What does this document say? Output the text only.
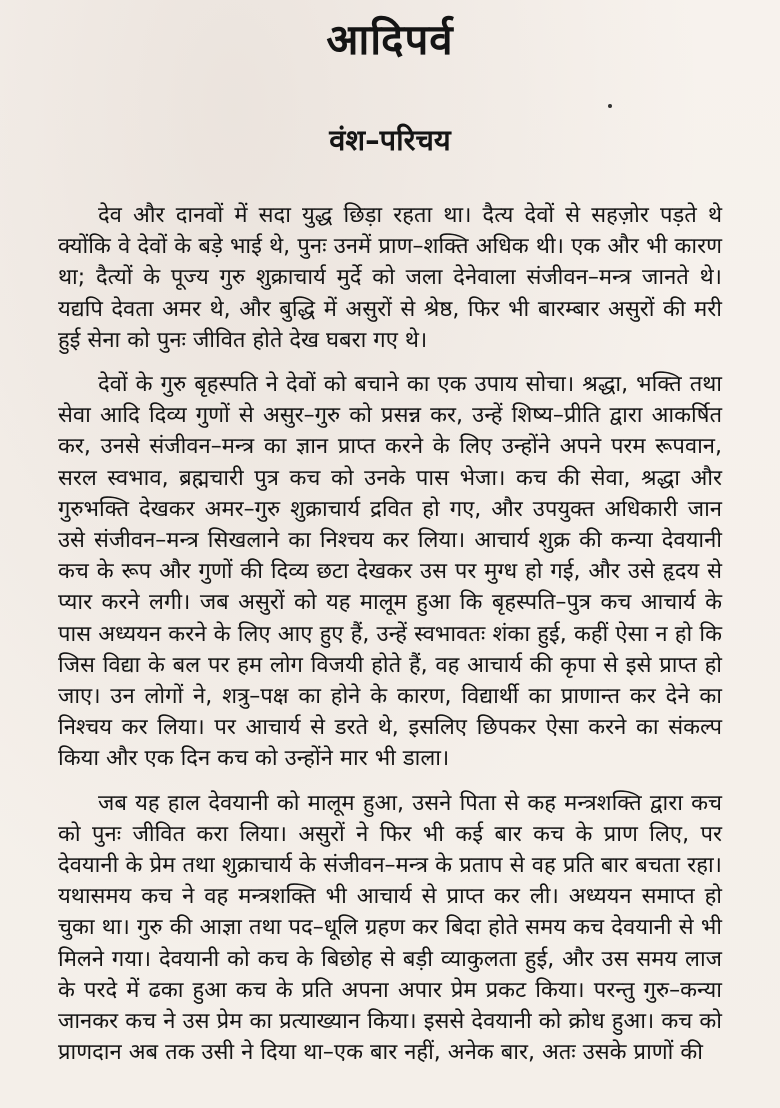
आदिपर्व
वंश–परिचय

देव और दानवों में सदा युद्ध छिड़ा रहता था। दैत्य देवों से सहज़ोर पड़ते थे क्योंकि वे देवों के बड़े भाई थे, पुनः उनमें प्राण–शक्ति अधिक थी। एक और भी कारण था; दैत्यों के पूज्य गुरु शुक्राचार्य मुर्दे को जला देनेवाला संजीवन–मन्त्र जानते थे। यद्यपि देवता अमर थे, और बुद्धि में असुरों से श्रेष्ठ, फिर भी बारम्बार असुरों की मरी हुई सेना को पुनः जीवित होते देख घबरा गए थे।

देवों के गुरु बृहस्पति ने देवों को बचाने का एक उपाय सोचा। श्रद्धा, भक्ति तथा सेवा आदि दिव्य गुणों से असुर–गुरु को प्रसन्न कर, उन्हें शिष्य–प्रीति द्वारा आकर्षित कर, उनसे संजीवन–मन्त्र का ज्ञान प्राप्त करने के लिए उन्होंने अपने परम रूपवान, सरल स्वभाव, ब्रह्मचारी पुत्र कच को उनके पास भेजा। कच की सेवा, श्रद्धा और गुरुभक्ति देखकर अमर–गुरु शुक्राचार्य द्रवित हो गए, और उपयुक्त अधिकारी जान उसे संजीवन–मन्त्र सिखलाने का निश्चय कर लिया। आचार्य शुक्र की कन्या देवयानी कच के रूप और गुणों की दिव्य छटा देखकर उस पर मुग्ध हो गई, और उसे हृदय से प्यार करने लगी। जब असुरों को यह मालूम हुआ कि बृहस्पति–पुत्र कच आचार्य के पास अध्ययन करने के लिए आए हुए हैं, उन्हें स्वभावतः शंका हुई, कहीं ऐसा न हो कि जिस विद्या के बल पर हम लोग विजयी होते हैं, वह आचार्य की कृपा से इसे प्राप्त हो जाए। उन लोगों ने, शत्रु–पक्ष का होने के कारण, विद्यार्थी का प्राणान्त कर देने का निश्चय कर लिया। पर आचार्य से डरते थे, इसलिए छिपकर ऐसा करने का संकल्प किया और एक दिन कच को उन्होंने मार भी डाला।

जब यह हाल देवयानी को मालूम हुआ, उसने पिता से कह मन्त्रशक्ति द्वारा कच को पुनः जीवित करा लिया। असुरों ने फिर भी कई बार कच के प्राण लिए, पर देवयानी के प्रेम तथा शुक्राचार्य के संजीवन–मन्त्र के प्रताप से वह प्रति बार बचता रहा। यथासमय कच ने वह मन्त्रशक्ति भी आचार्य से प्राप्त कर ली। अध्ययन समाप्त हो चुका था। गुरु की आज्ञा तथा पद–धूलि ग्रहण कर बिदा होते समय कच देवयानी से भी मिलने गया। देवयानी को कच के बिछोह से बड़ी व्याकुलता हुई, और उस समय लाज के परदे में ढका हुआ कच के प्रति अपना अपार प्रेम प्रकट किया। परन्तु गुरु–कन्या जानकर कच ने उस प्रेम का प्रत्याख्यान किया। इससे देवयानी को क्रोध हुआ। कच को प्राणदान अब तक उसी ने दिया था–एक बार नहीं, अनेक बार, अतः उसके प्राणों की
